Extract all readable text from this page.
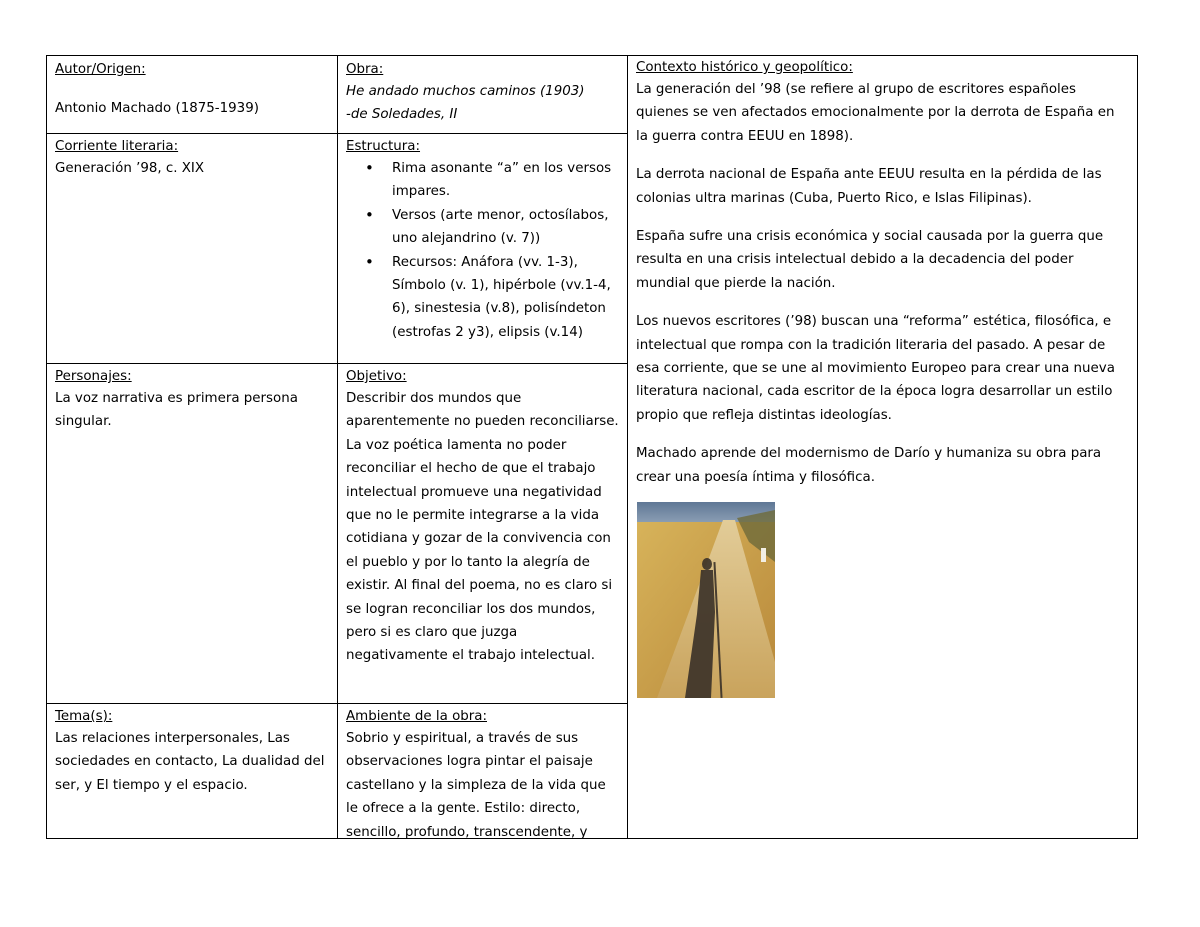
Autor/Origen:

Antonio Machado (1875-1939)

Obra:
He andado muchos caminos (1903)
-de Soledades, II
Contexto histórico y geopolítico:

La generación del ’98 (se refiere al grupo de escritores españoles quienes se ven afectados emocionalmente por la derrota de España en la guerra contra EEUU en 1898).

La derrota nacional de España ante EEUU resulta en la pérdida de las colonias ultra marinas (Cuba, Puerto Rico, e Islas Filipinas).

España sufre una crisis económica y social causada por la guerra que resulta en una crisis intelectual debido a la decadencia del poder mundial que pierde la nación.

Los nuevos escritores (’98) buscan una “reforma” estética, filosófica, e intelectual que rompa con la tradición literaria del pasado. A pesar de esa corriente, que se une al movimiento Europeo para crear una nueva literatura nacional, cada escritor de la época logra desarrollar un estilo propio que refleja distintas ideologías.

Machado aprende del modernismo de Darío y humaniza su obra para crear una poesía íntima y filosófica.

Corriente literaria:

Generación ’98, c. XIX

Estructura:
• Rima asonante “a” en los versos impares.
• Versos (arte menor, octosílabos, uno alejandrino (v. 7))
• Recursos: Anáfora (vv. 1-3), Símbolo (v. 1), hipérbole (vv.1-4, 6), sinestesia (v.8), polisíndeton (estrofas 2 y3), elipsis (v.14)
Personajes:

La voz narrativa es primera persona singular.

Objetivo:

Describir dos mundos que aparentemente no pueden reconciliarse. La voz poética lamenta no poder reconciliar el hecho de que el trabajo intelectual promueve una negatividad que no le permite integrarse a la vida cotidiana y gozar de la convivencia con el pueblo y por lo tanto la alegría de existir. Al final del poema, no es claro si se logran reconciliar los dos mundos, pero si es claro que juzga negativamente el trabajo intelectual.

Tema(s):

Las relaciones interpersonales, Las sociedades en contacto, La dualidad del ser, y El tiempo y el espacio.

Ambiente de la obra:

Sobrio y espiritual, a través de sus observaciones logra pintar el paisaje castellano y la simpleza de la vida que le ofrece a la gente. Estilo: directo, sencillo, profundo, transcendente, y
